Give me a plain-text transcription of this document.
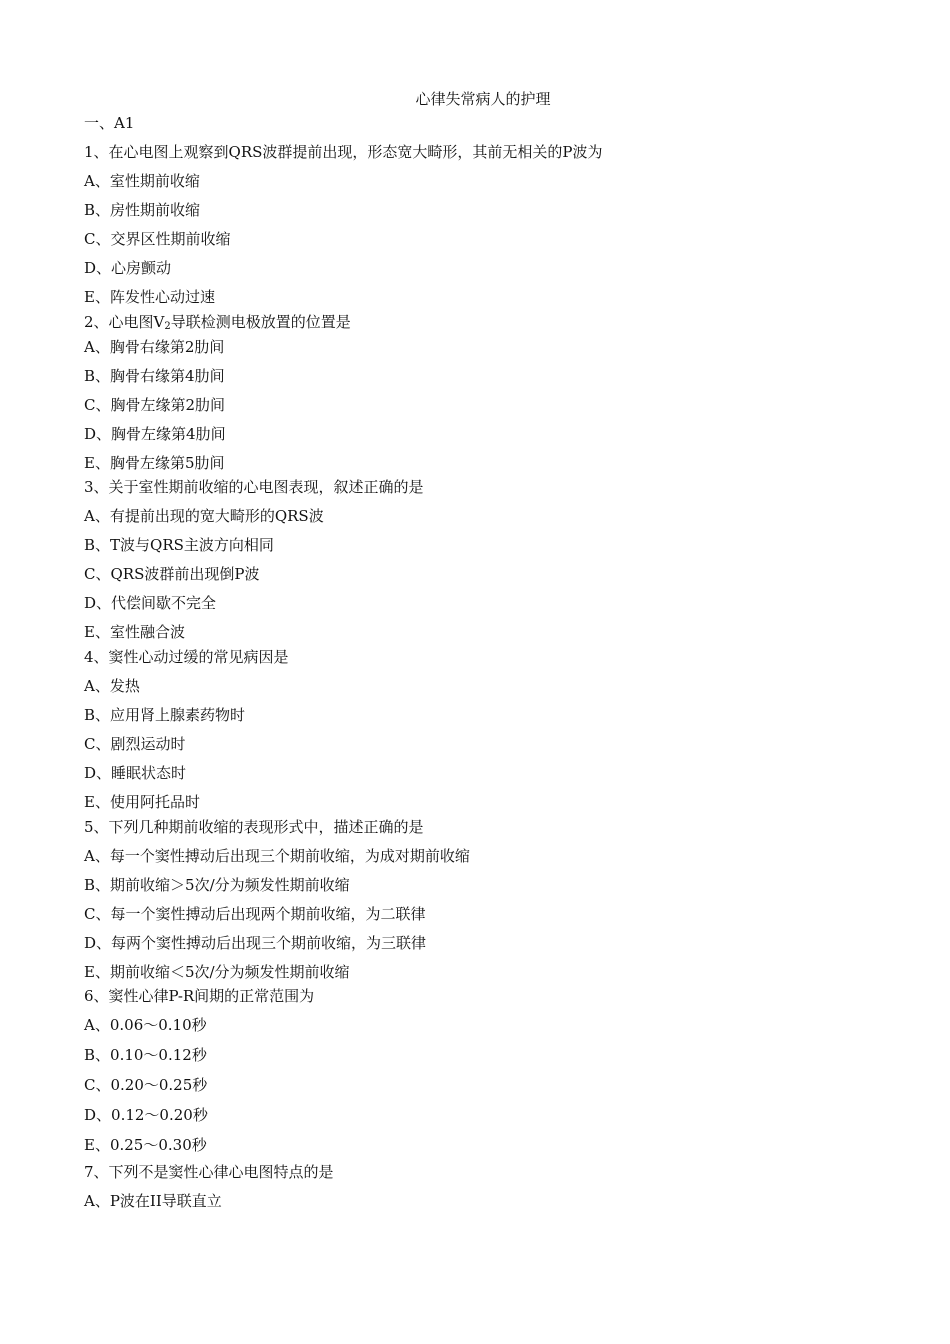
心律失常病人的护理
一、A1
1、在心电图上观察到QRS波群提前出现，形态宽大畸形，其前无相关的P波为
A、室性期前收缩
B、房性期前收缩
C、交界区性期前收缩
D、心房颤动
E、阵发性心动过速
2、心电图$V_2$导联检测电极放置的位置是
A、胸骨右缘第2肋间
B、胸骨右缘第4肋间
C、胸骨左缘第2肋间
D、胸骨左缘第4肋间
E、胸骨左缘第5肋间
3、关于室性期前收缩的心电图表现，叙述正确的是
A、有提前出现的宽大畸形的QRS波
B、T波与QRS主波方向相同
C、QRS波群前出现倒P波
D、代偿间歇不完全
E、室性融合波
4、窦性心动过缓的常见病因是
A、发热
B、应用肾上腺素药物时
C、剧烈运动时
D、睡眠状态时
E、使用阿托品时
5、下列几种期前收缩的表现形式中，描述正确的是
A、每一个窦性搏动后出现三个期前收缩，为成对期前收缩
B、期前收缩＞5次/分为频发性期前收缩
C、每一个窦性搏动后出现两个期前收缩，为二联律
D、每两个窦性搏动后出现三个期前收缩，为三联律
E、期前收缩＜5次/分为频发性期前收缩
6、窦性心律P-R间期的正常范围为
A、0.06～0.10秒
B、0.10～0.12秒
C、0.20～0.25秒
D、0.12～0.20秒
E、0.25～0.30秒
7、下列不是窦性心律心电图特点的是
A、P波在II导联直立
